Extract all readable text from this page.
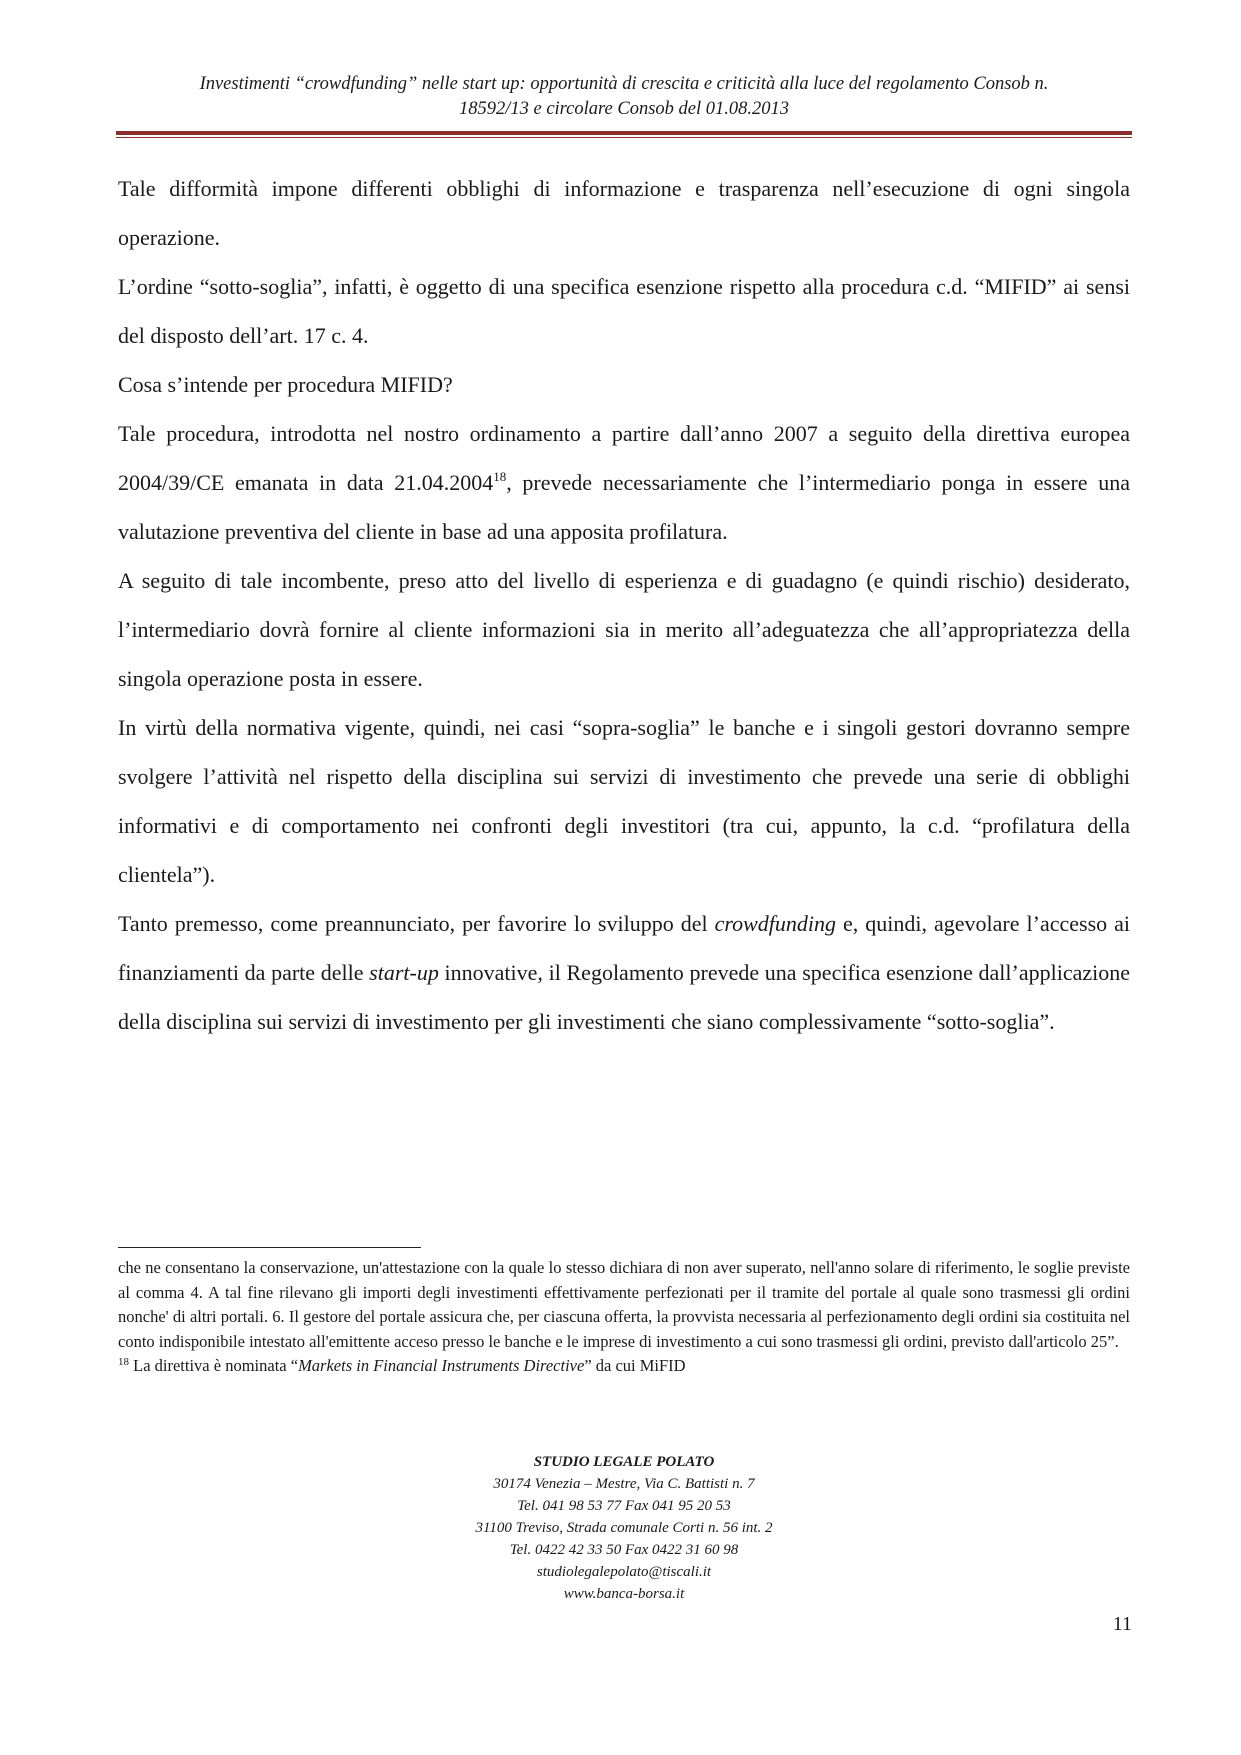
Investimenti “crowdfunding” nelle start up: opportunità di crescita e criticità alla luce del regolamento Consob n.
18592/13 e circolare Consob del 01.08.2013

Tale difformità impone differenti obblighi di informazione e trasparenza nell’esecuzione di ogni singola operazione.

L’ordine “sotto-soglia”, infatti, è oggetto di una specifica esenzione rispetto alla procedura c.d. “MIFID” ai sensi del disposto dell’art. 17 c. 4.

Cosa s’intende per procedura MIFID?

Tale procedura, introdotta nel nostro ordinamento a partire dall’anno 2007 a seguito della direttiva europea 2004/39/CE emanata in data 21.04.2004$^{18}$, prevede necessariamente che l’intermediario ponga in essere una valutazione preventiva del cliente in base ad una apposita profilatura.

A seguito di tale incombente, preso atto del livello di esperienza e di guadagno (e quindi rischio) desiderato, l’intermediario dovrà fornire al cliente informazioni sia in merito all’adeguatezza che all’appropriatezza della singola operazione posta in essere.

In virtù della normativa vigente, quindi, nei casi “sopra-soglia” le banche e i singoli gestori dovranno sempre svolgere l’attività nel rispetto della disciplina sui servizi di investimento che prevede una serie di obblighi informativi e di comportamento nei confronti degli investitori (tra cui, appunto, la c.d. “profilatura della clientela”).

Tanto premesso, come preannunciato, per favorire lo sviluppo del crowdfunding e, quindi, agevolare l’accesso ai finanziamenti da parte delle start-up innovative, il Regolamento prevede una specifica esenzione dall’applicazione della disciplina sui servizi di investimento per gli investimenti che siano complessivamente “sotto-soglia”.

che ne consentano la conservazione, un'attestazione con la quale lo stesso dichiara di non aver superato, nell'anno solare di riferimento, le soglie previste al comma 4. A tal fine rilevano gli importi degli investimenti effettivamente perfezionati per il tramite del portale al quale sono trasmessi gli ordini nonche' di altri portali. 6. Il gestore del portale assicura che, per ciascuna offerta, la provvista necessaria al perfezionamento degli ordini sia costituita nel conto indisponibile intestato all'emittente acceso presso le banche e le imprese di investimento a cui sono trasmessi gli ordini, previsto dall'articolo 25”.

$^{18}$ La direttiva è nominata “Markets in Financial Instruments Directive” da cui MiFID

STUDIO LEGALE POLATO
30174 Venezia – Mestre, Via C. Battisti n. 7
Tel. 041 98 53 77 Fax 041 95 20 53
31100 Treviso, Strada comunale Corti n. 56 int. 2
Tel. 0422 42 33 50 Fax 0422 31 60 98
studiolegalepolato@tiscali.it
www.banca-borsa.it
11
